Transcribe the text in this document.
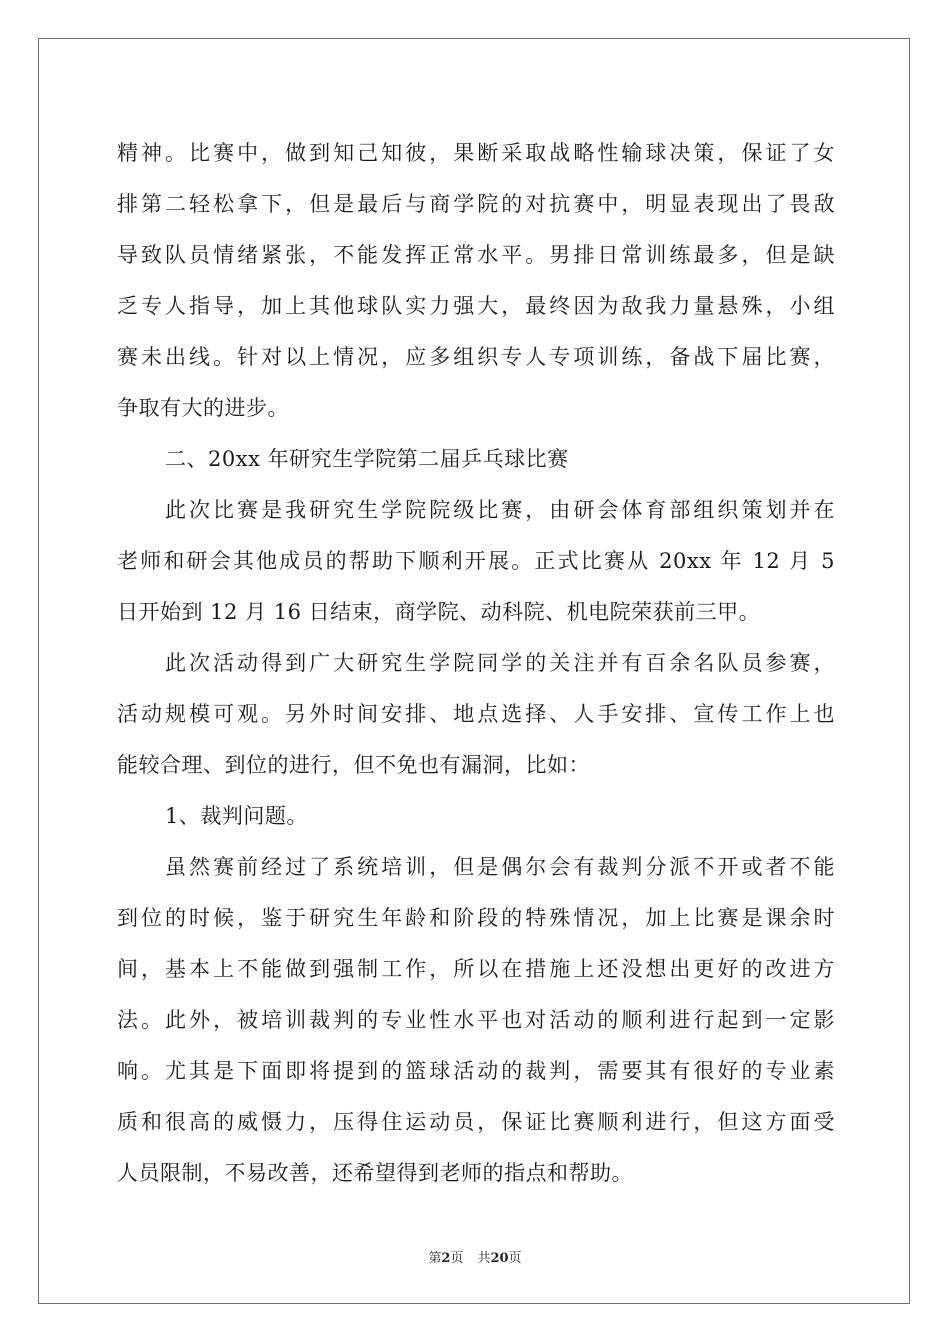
精神。比赛中，做到知己知彼，果断采取战略性输球决策，保证了女
排第二轻松拿下，但是最后与商学院的对抗赛中，明显表现出了畏敌
导致队员情绪紧张，不能发挥正常水平。男排日常训练最多，但是缺
乏专人指导，加上其他球队实力强大，最终因为敌我力量悬殊，小组
赛未出线。针对以上情况，应多组织专人专项训练，备战下届比赛，
争取有大的进步。
二、20xx 年研究生学院第二届乒乓球比赛
此次比赛是我研究生学院院级比赛，由研会体育部组织策划并在
老师和研会其他成员的帮助下顺利开展。正式比赛从 20xx 年 12 月 5
日开始到 12 月 16 日结束，商学院、动科院、机电院荣获前三甲。
此次活动得到广大研究生学院同学的关注并有百余名队员参赛，
活动规模可观。另外时间安排、地点选择、人手安排、宣传工作上也
能较合理、到位的进行，但不免也有漏洞，比如：
1、裁判问题。
虽然赛前经过了系统培训，但是偶尔会有裁判分派不开或者不能
到位的时候，鉴于研究生年龄和阶段的特殊情况，加上比赛是课余时
间，基本上不能做到强制工作，所以在措施上还没想出更好的改进方
法。此外，被培训裁判的专业性水平也对活动的顺利进行起到一定影
响。尤其是下面即将提到的篮球活动的裁判，需要其有很好的专业素
质和很高的威慑力，压得住运动员，保证比赛顺利进行，但这方面受
人员限制，不易改善，还希望得到老师的指点和帮助。
第2页 共20页
